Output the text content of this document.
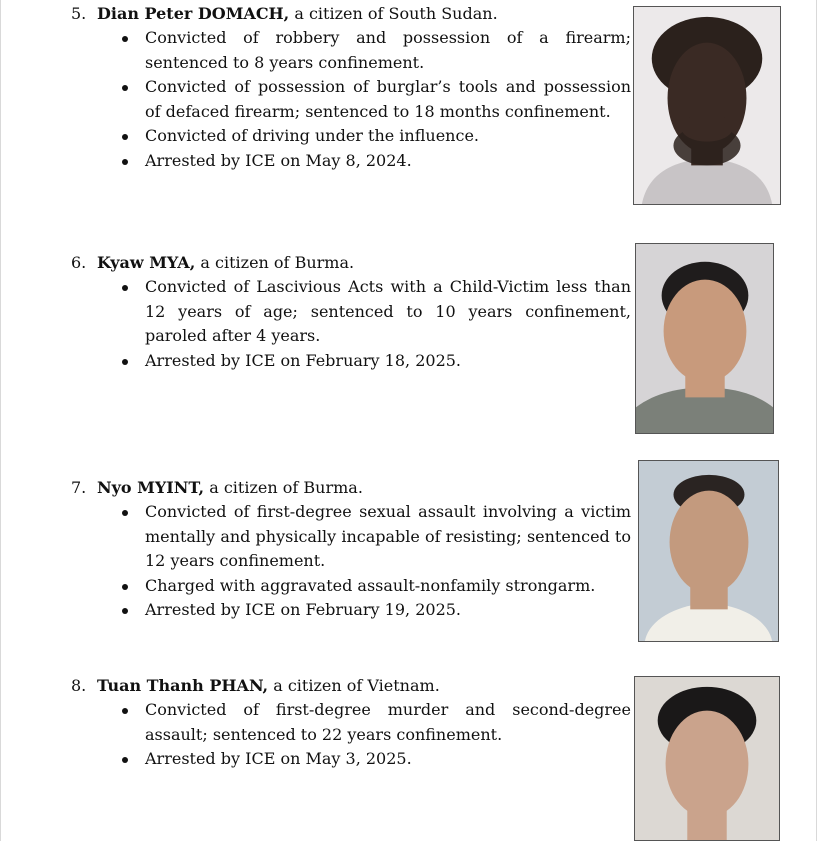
5. Dian Peter DOMACH, a citizen of South Sudan.
Convicted of robbery and possession of a firearm; sentenced to 8 years confinement.
Convicted of possession of burglar’s tools and possession of defaced firearm; sentenced to 18 months confinement.
Convicted of driving under the influence.
Arrested by ICE on May 8, 2024.
6. Kyaw MYA, a citizen of Burma.
Convicted of Lascivious Acts with a Child-Victim less than 12 years of age; sentenced to 10 years confinement, paroled after 4 years.
Arrested by ICE on February 18, 2025.
7. Nyo MYINT, a citizen of Burma.
Convicted of first-degree sexual assault involving a victim mentally and physically incapable of resisting; sentenced to 12 years confinement.
Charged with aggravated assault-nonfamily strongarm.
Arrested by ICE on February 19, 2025.
8. Tuan Thanh PHAN, a citizen of Vietnam.
Convicted of first-degree murder and second-degree assault; sentenced to 22 years confinement.
Arrested by ICE on May 3, 2025.
